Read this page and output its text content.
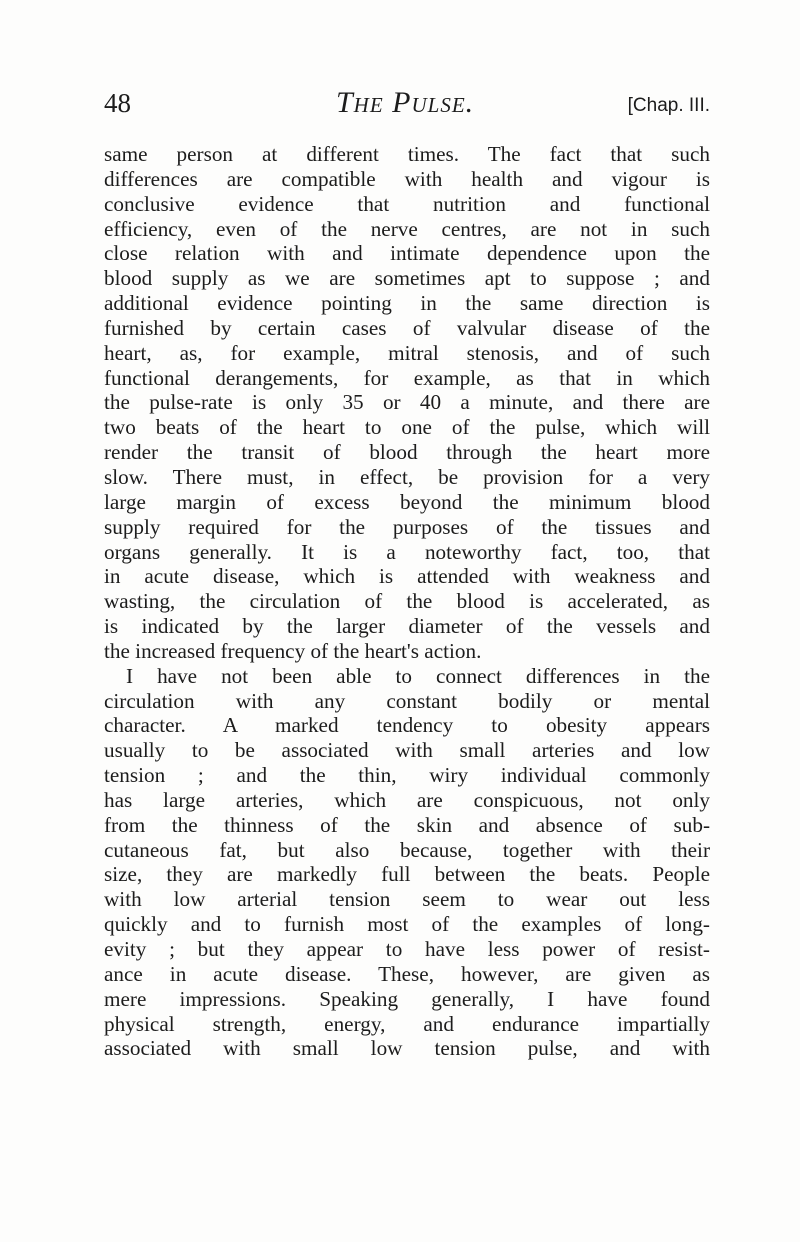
48	The Pulse.	[Chap. III.
same person at different times. The fact that such
differences are compatible with health and vigour is
conclusive evidence that nutrition and functional
efficiency, even of the nerve centres, are not in such
close relation with and intimate dependence upon the
blood supply as we are sometimes apt to suppose ; and
additional evidence pointing in the same direction is
furnished by certain cases of valvular disease of the
heart, as, for example, mitral stenosis, and of such
functional derangements, for example, as that in which
the pulse-rate is only 35 or 40 a minute, and there are
two beats of the heart to one of the pulse, which will
render the transit of blood through the heart more
slow. There must, in effect, be provision for a very
large margin of excess beyond the minimum blood
supply required for the purposes of the tissues and
organs generally. It is a noteworthy fact, too, that
in acute disease, which is attended with weakness and
wasting, the circulation of the blood is accelerated, as
is indicated by the larger diameter of the vessels and
the increased frequency of the heart's action.
I have not been able to connect differences in the
circulation with any constant bodily or mental
character. A marked tendency to obesity appears
usually to be associated with small arteries and low
tension ; and the thin, wiry individual commonly
has large arteries, which are conspicuous, not only
from the thinness of the skin and absence of sub-
cutaneous fat, but also because, together with their
size, they are markedly full between the beats. People
with low arterial tension seem to wear out less
quickly and to furnish most of the examples of long-
evity ; but they appear to have less power of resist-
ance in acute disease. These, however, are given as
mere impressions. Speaking generally, I have found
physical strength, energy, and endurance impartially
associated with small low tension pulse, and with
